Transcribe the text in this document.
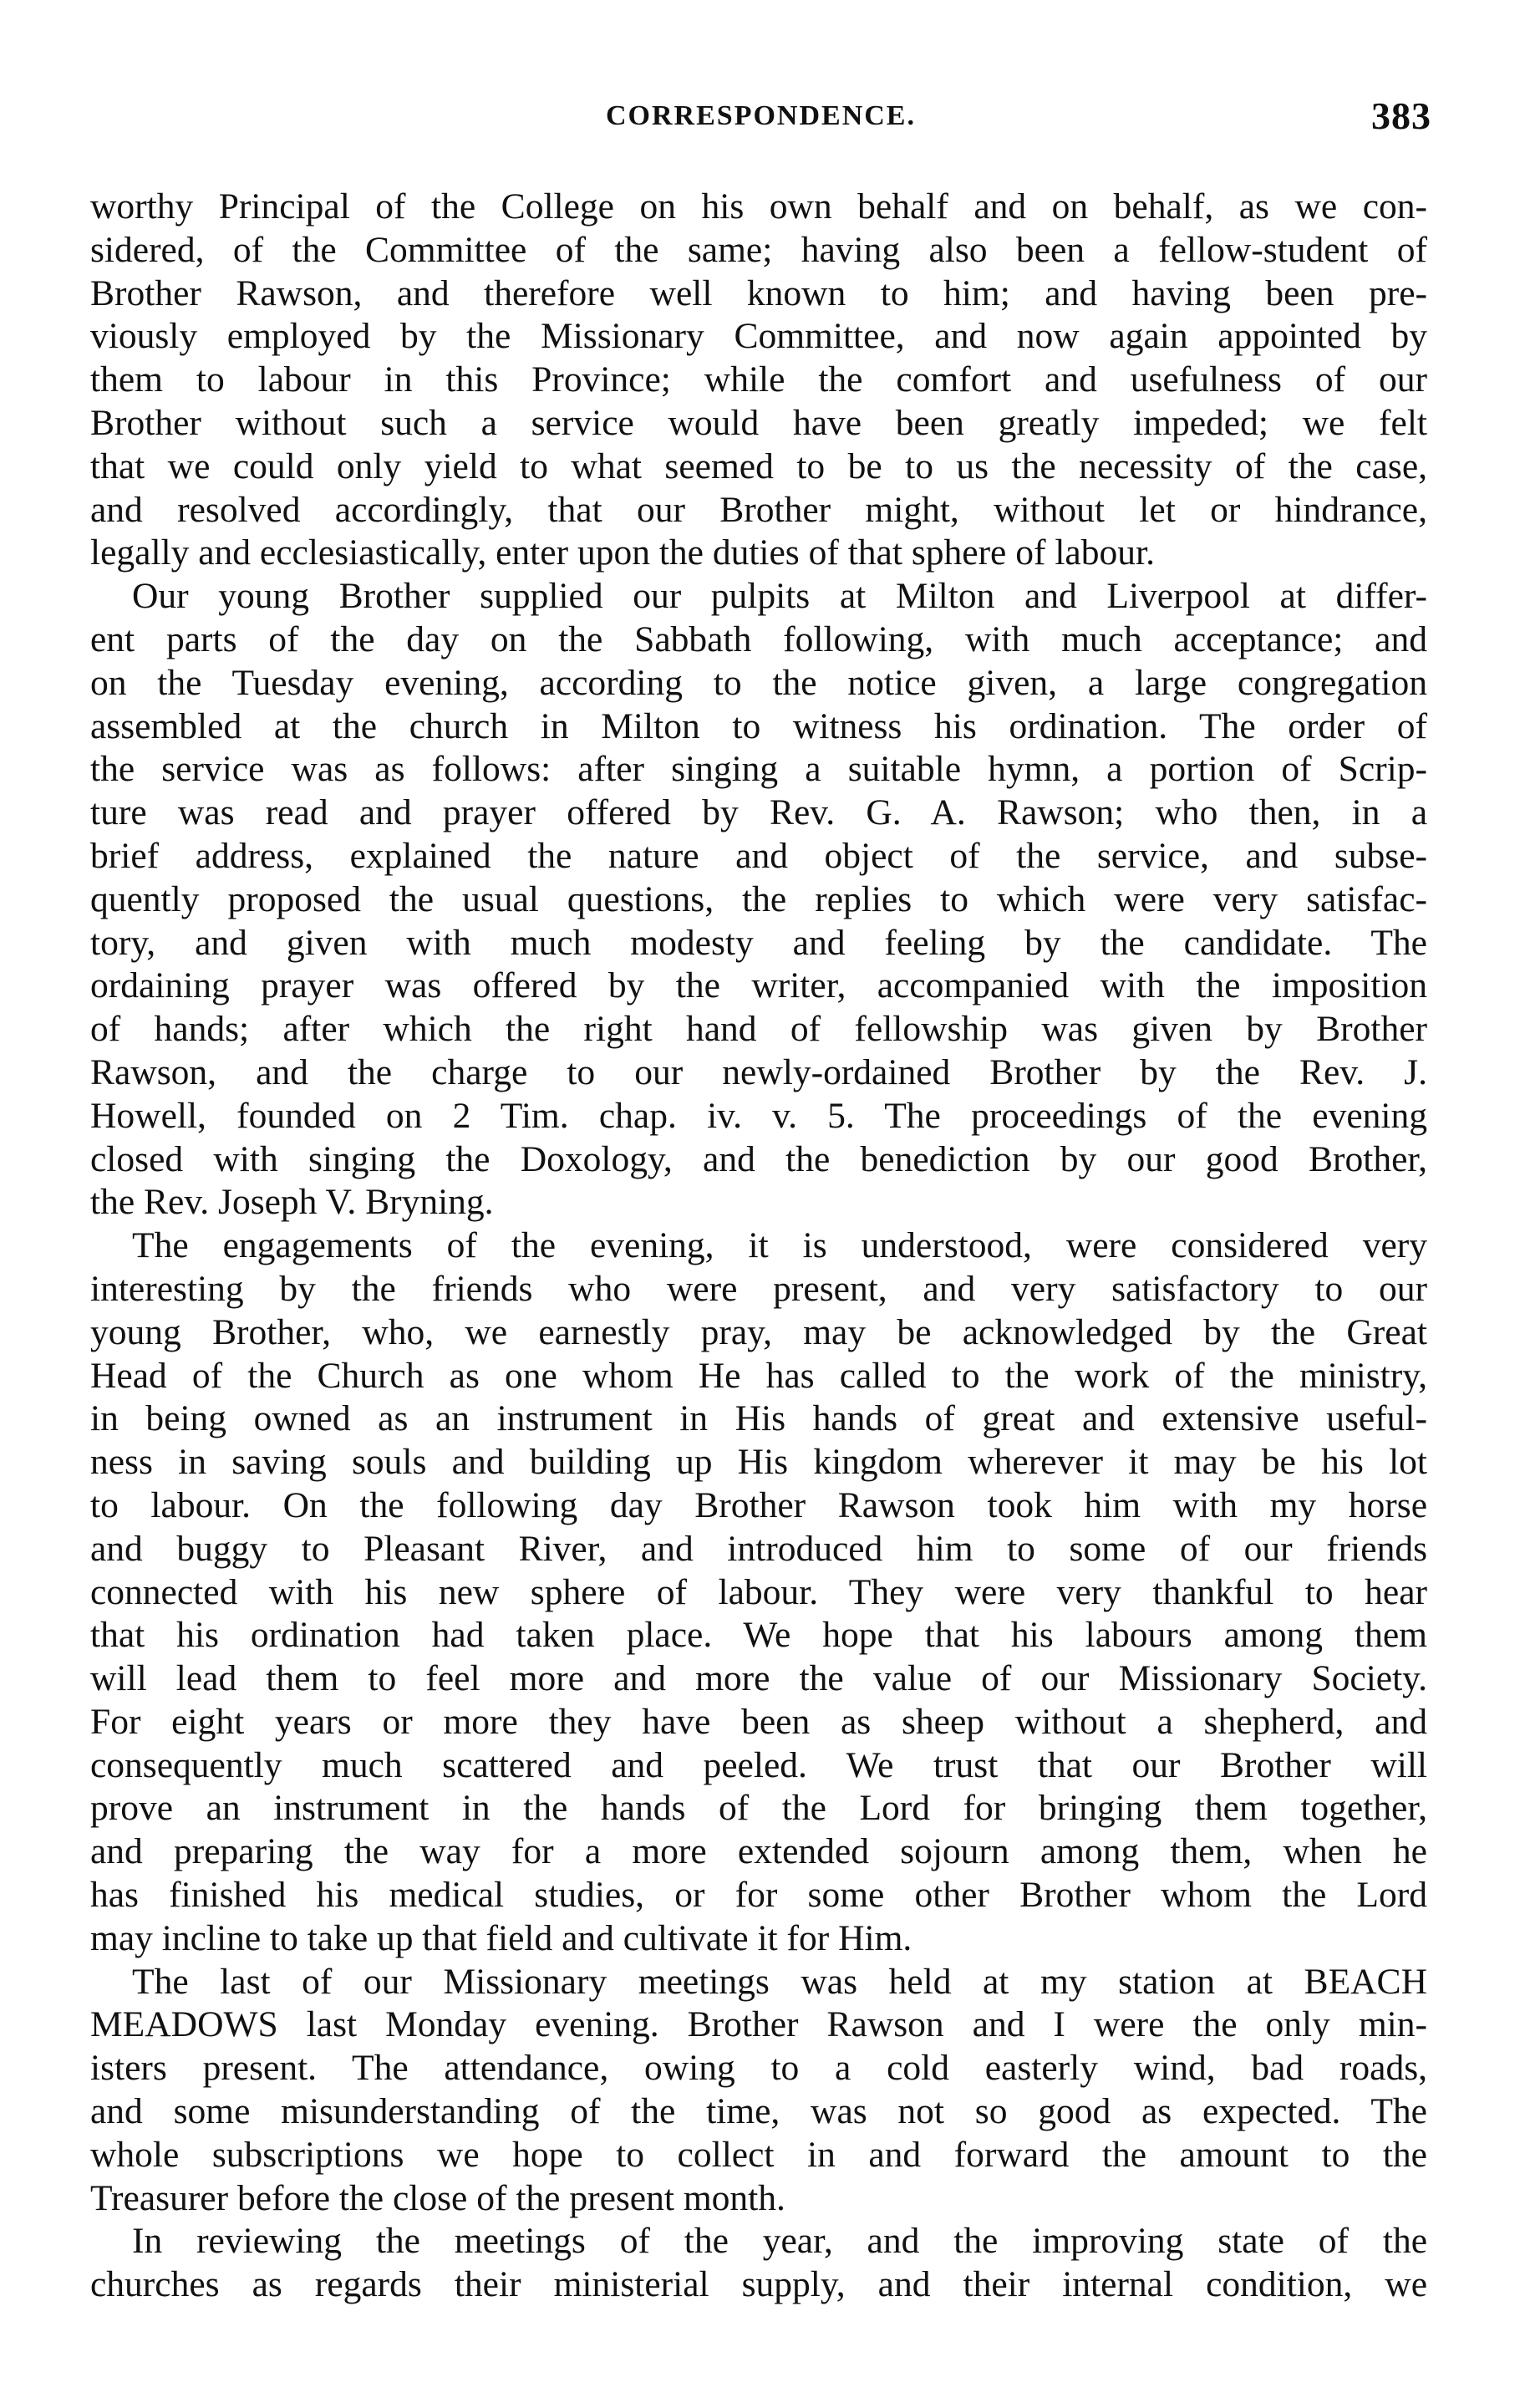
CORRESPONDENCE.	383
worthy Principal of the College on his own behalf and on behalf, as we con-
sidered, of the Committee of the same; having also been a fellow-student of
Brother Rawson, and therefore well known to him; and having been pre-
viously employed by the Missionary Committee, and now again appointed by
them to labour in this Province; while the comfort and usefulness of our
Brother without such a service would have been greatly impeded; we felt
that we could only yield to what seemed to be to us the necessity of the case,
and resolved accordingly, that our Brother might, without let or hindrance,
legally and ecclesiastically, enter upon the duties of that sphere of labour.
Our young Brother supplied our pulpits at Milton and Liverpool at differ-
ent parts of the day on the Sabbath following, with much acceptance; and
on the Tuesday evening, according to the notice given, a large congregation
assembled at the church in Milton to witness his ordination. The order of
the service was as follows: after singing a suitable hymn, a portion of Scrip-
ture was read and prayer offered by Rev. G. A. Rawson; who then, in a
brief address, explained the nature and object of the service, and subse-
quently proposed the usual questions, the replies to which were very satisfac-
tory, and given with much modesty and feeling by the candidate. The
ordaining prayer was offered by the writer, accompanied with the imposition
of hands; after which the right hand of fellowship was given by Brother
Rawson, and the charge to our newly-ordained Brother by the Rev. J.
Howell, founded on 2 Tim. chap. iv. v. 5. The proceedings of the evening
closed with singing the Doxology, and the benediction by our good Brother,
the Rev. Joseph V. Bryning.
The engagements of the evening, it is understood, were considered very
interesting by the friends who were present, and very satisfactory to our
young Brother, who, we earnestly pray, may be acknowledged by the Great
Head of the Church as one whom He has called to the work of the ministry,
in being owned as an instrument in His hands of great and extensive useful-
ness in saving souls and building up His kingdom wherever it may be his lot
to labour. On the following day Brother Rawson took him with my horse
and buggy to Pleasant River, and introduced him to some of our friends
connected with his new sphere of labour. They were very thankful to hear
that his ordination had taken place. We hope that his labours among them
will lead them to feel more and more the value of our Missionary Society.
For eight years or more they have been as sheep without a shepherd, and
consequently much scattered and peeled. We trust that our Brother will
prove an instrument in the hands of the Lord for bringing them together,
and preparing the way for a more extended sojourn among them, when he
has finished his medical studies, or for some other Brother whom the Lord
may incline to take up that field and cultivate it for Him.
The last of our Missionary meetings was held at my station at BEACH
MEADOWS last Monday evening. Brother Rawson and I were the only min-
isters present. The attendance, owing to a cold easterly wind, bad roads,
and some misunderstanding of the time, was not so good as expected. The
whole subscriptions we hope to collect in and forward the amount to the
Treasurer before the close of the present month.
In reviewing the meetings of the year, and the improving state of the
churches as regards their ministerial supply, and their internal condition, we
